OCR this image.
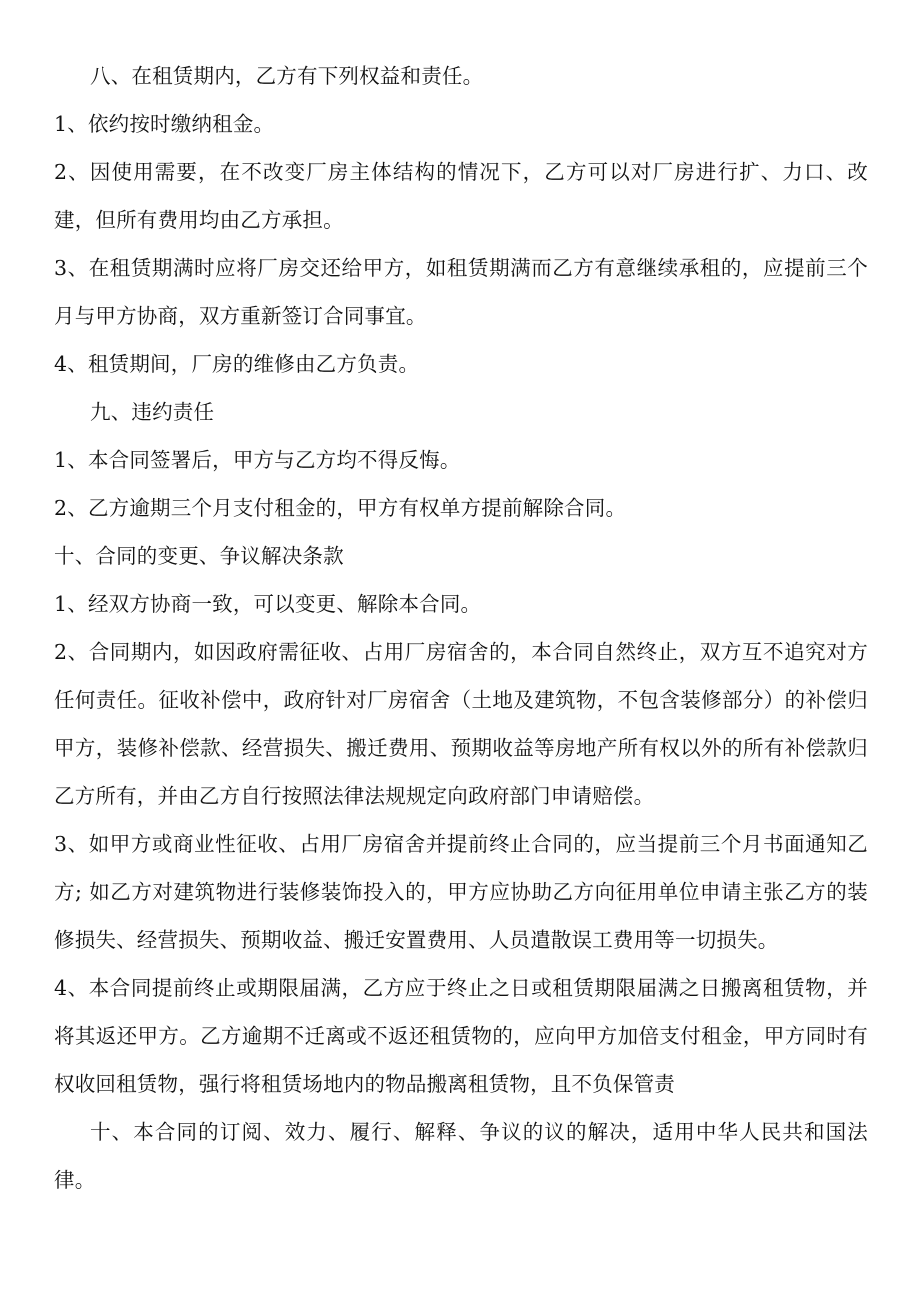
八、在租赁期内，乙方有下列权益和责任。

1、依约按时缴纳租金。

2、因使用需要，在不改变厂房主体结构的情况下，乙方可以对厂房进行扩、力口、改建，但所有费用均由乙方承担。

3、在租赁期满时应将厂房交还给甲方，如租赁期满而乙方有意继续承租的，应提前三个月与甲方协商，双方重新签订合同事宜。

4、租赁期间，厂房的维修由乙方负责。

九、违约责任

1、本合同签署后，甲方与乙方均不得反悔。

2、乙方逾期三个月支付租金的，甲方有权单方提前解除合同。

十、合同的变更、争议解决条款

1、经双方协商一致，可以变更、解除本合同。

2、合同期内，如因政府需征收、占用厂房宿舍的，本合同自然终止，双方互不追究对方任何责任。征收补偿中，政府针对厂房宿舍（土地及建筑物，不包含装修部分）的补偿归甲方，装修补偿款、经营损失、搬迁费用、预期收益等房地产所有权以外的所有补偿款归乙方所有，并由乙方自行按照法律法规规定向政府部门申请赔偿。

3、如甲方或商业性征收、占用厂房宿舍并提前终止合同的，应当提前三个月书面通知乙方; 如乙方对建筑物进行装修装饰投入的，甲方应协助乙方向征用单位申请主张乙方的装修损失、经营损失、预期收益、搬迁安置费用、人员遣散误工费用等一切损失。

4、本合同提前终止或期限届满，乙方应于终止之日或租赁期限届满之日搬离租赁物，并将其返还甲方。乙方逾期不迁离或不返还租赁物的，应向甲方加倍支付租金，甲方同时有权收回租赁物，强行将租赁场地内的物品搬离租赁物，且不负保管责

十、本合同的订阅、效力、履行、解释、争议的议的解决，适用中华人民共和国法律。
